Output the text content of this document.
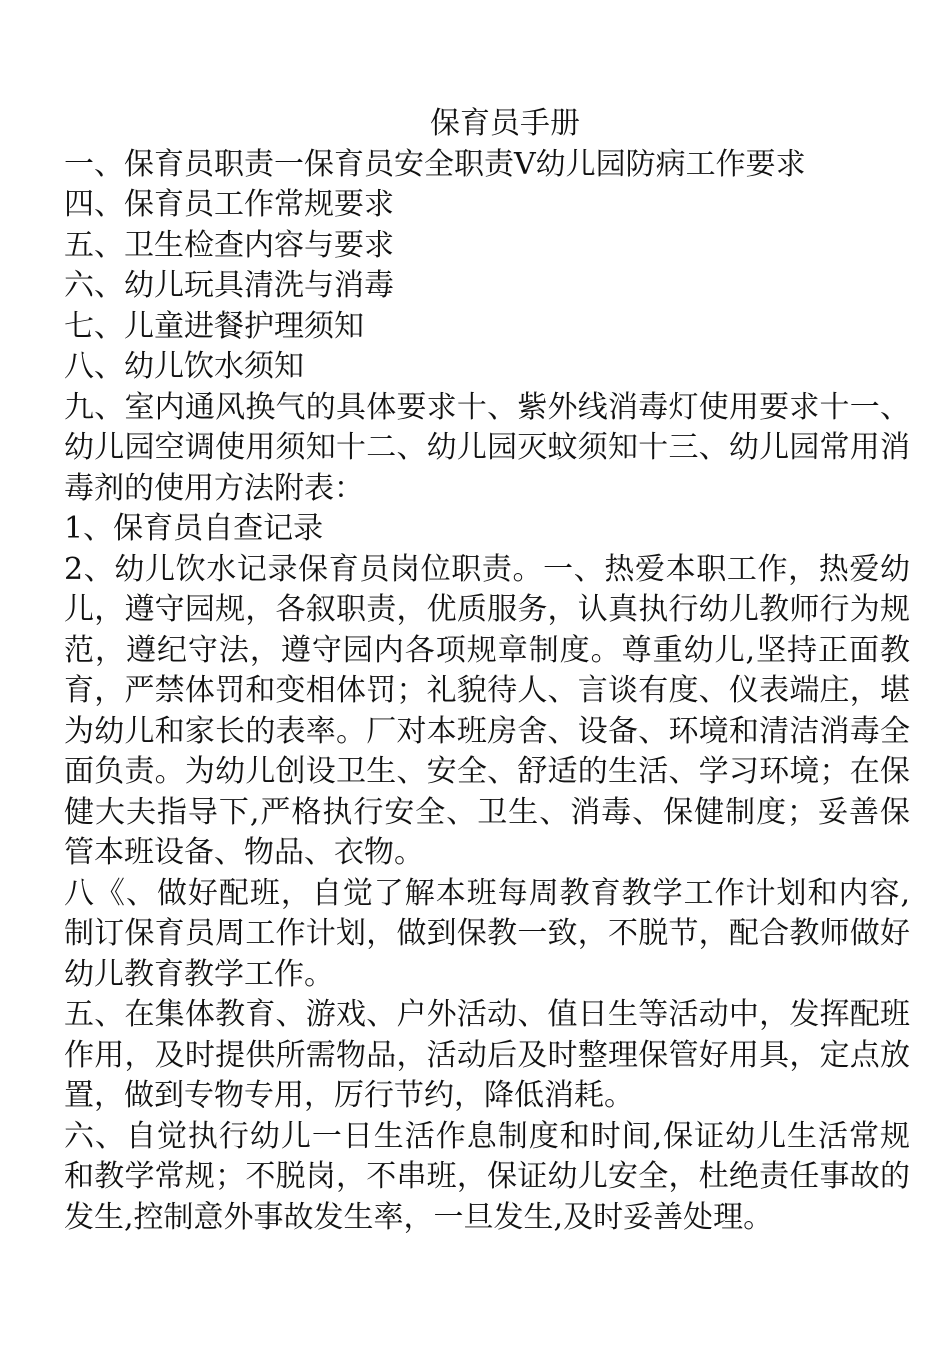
保育员手册

一、保育员职责一保育员安全职责Ⅴ幼儿园防病工作要求

四、保育员工作常规要求

五、卫生检查内容与要求

六、幼儿玩具清洗与消毒

七、儿童进餐护理须知

八、幼儿饮水须知

九、室内通风换气的具体要求十、紫外线消毒灯使用要求十一、幼儿园空调使用须知十二、幼儿园灭蚊须知十三、幼儿园常用消毒剂的使用方法附表：

1、保育员自查记录

2、幼儿饮水记录保育员岗位职责。一、热爱本职工作，热爱幼儿，遵守园规，各叙职责，优质服务，认真执行幼儿教师行为规范，遵纪守法，遵守园内各项规章制度。尊重幼儿,坚持正面教育，严禁体罚和变相体罚；礼貌待人、言谈有度、仪表端庄，堪为幼儿和家长的表率。厂对本班房舍、设备、环境和清洁消毒全面负责。为幼儿创设卫生、安全、舒适的生活、学习环境；在保健大夫指导下,严格执行安全、卫生、消毒、保健制度；妥善保管本班设备、物品、衣物。

八《、做好配班，自觉了解本班每周教育教学工作计划和内容,制订保育员周工作计划，做到保教一致，不脱节，配合教师做好幼儿教育教学工作。

五、在集体教育、游戏、户外活动、值日生等活动中，发挥配班作用，及时提供所需物品，活动后及时整理保管好用具，定点放置，做到专物专用，厉行节约，降低消耗。

六、自觉执行幼儿一日生活作息制度和时间,保证幼儿生活常规和教学常规；不脱岗，不串班，保证幼儿安全，杜绝责任事故的发生,控制意外事故发生率，一旦发生,及时妥善处理。
